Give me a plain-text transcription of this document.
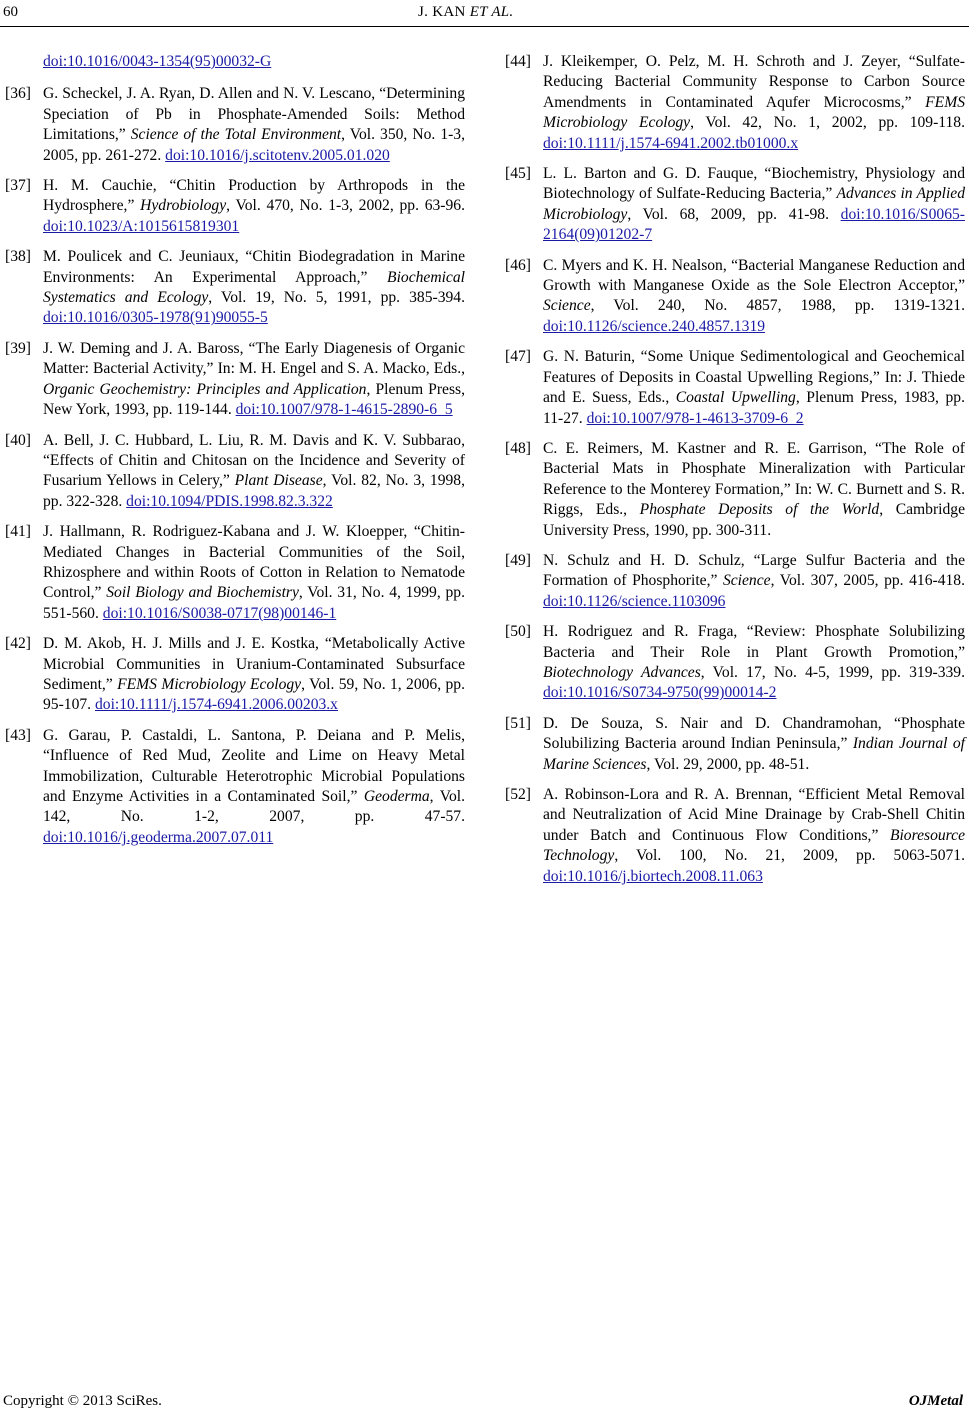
60	J. KAN ET AL.
doi:10.1016/0043-1354(95)00032-G
[36] G. Scheckel, J. A. Ryan, D. Allen and N. V. Lescano, “Determining Speciation of Pb in Phosphate-Amended Soils: Method Limitations,” Science of the Total Environment, Vol. 350, No. 1-3, 2005, pp. 261-272. doi:10.1016/j.scitotenv.2005.01.020
[37] H. M. Cauchie, “Chitin Production by Arthropods in the Hydrosphere,” Hydrobiology, Vol. 470, No. 1-3, 2002, pp. 63-96. doi:10.1023/A:1015615819301
[38] M. Poulicek and C. Jeuniaux, “Chitin Biodegradation in Marine Environments: An Experimental Approach,” Biochemical Systematics and Ecology, Vol. 19, No. 5, 1991, pp. 385-394. doi:10.1016/0305-1978(91)90055-5
[39] J. W. Deming and J. A. Baross, “The Early Diagenesis of Organic Matter: Bacterial Activity,” In: M. H. Engel and S. A. Macko, Eds., Organic Geochemistry: Principles and Application, Plenum Press, New York, 1993, pp. 119-144. doi:10.1007/978-1-4615-2890-6_5
[40] A. Bell, J. C. Hubbard, L. Liu, R. M. Davis and K. V. Subbarao, “Effects of Chitin and Chitosan on the Incidence and Severity of Fusarium Yellows in Celery,” Plant Disease, Vol. 82, No. 3, 1998, pp. 322-328. doi:10.1094/PDIS.1998.82.3.322
[41] J. Hallmann, R. Rodriguez-Kabana and J. W. Kloepper, “Chitin-Mediated Changes in Bacterial Communities of the Soil, Rhizosphere and within Roots of Cotton in Relation to Nematode Control,” Soil Biology and Biochemistry, Vol. 31, No. 4, 1999, pp. 551-560. doi:10.1016/S0038-0717(98)00146-1
[42] D. M. Akob, H. J. Mills and J. E. Kostka, “Metabolically Active Microbial Communities in Uranium-Contaminated Subsurface Sediment,” FEMS Microbiology Ecology, Vol. 59, No. 1, 2006, pp. 95-107. doi:10.1111/j.1574-6941.2006.00203.x
[43] G. Garau, P. Castaldi, L. Santona, P. Deiana and P. Melis, “Influence of Red Mud, Zeolite and Lime on Heavy Metal Immobilization, Culturable Heterotrophic Microbial Populations and Enzyme Activities in a Contaminated Soil,” Geoderma, Vol. 142, No. 1-2, 2007, pp. 47-57. doi:10.1016/j.geoderma.2007.07.011
[44] J. Kleikemper, O. Pelz, M. H. Schroth and J. Zeyer, “Sulfate-Reducing Bacterial Community Response to Carbon Source Amendments in Contaminated Aqufer Microcosms,” FEMS Microbiology Ecology, Vol. 42, No. 1, 2002, pp. 109-118. doi:10.1111/j.1574-6941.2002.tb01000.x
[45] L. L. Barton and G. D. Fauque, “Biochemistry, Physiology and Biotechnology of Sulfate-Reducing Bacteria,” Advances in Applied Microbiology, Vol. 68, 2009, pp. 41-98. doi:10.1016/S0065-2164(09)01202-7
[46] C. Myers and K. H. Nealson, “Bacterial Manganese Reduction and Growth with Manganese Oxide as the Sole Electron Acceptor,” Science, Vol. 240, No. 4857, 1988, pp. 1319-1321. doi:10.1126/science.240.4857.1319
[47] G. N. Baturin, “Some Unique Sedimentological and Geochemical Features of Deposits in Coastal Upwelling Regions,” In: J. Thiede and E. Suess, Eds., Coastal Upwelling, Plenum Press, 1983, pp. 11-27. doi:10.1007/978-1-4613-3709-6_2
[48] C. E. Reimers, M. Kastner and R. E. Garrison, “The Role of Bacterial Mats in Phosphate Mineralization with Particular Reference to the Monterey Formation,” In: W. C. Burnett and S. R. Riggs, Eds., Phosphate Deposits of the World, Cambridge University Press, 1990, pp. 300-311.
[49] N. Schulz and H. D. Schulz, “Large Sulfur Bacteria and the Formation of Phosphorite,” Science, Vol. 307, 2005, pp. 416-418. doi:10.1126/science.1103096
[50] H. Rodriguez and R. Fraga, “Review: Phosphate Solubilizing Bacteria and Their Role in Plant Growth Promotion,” Biotechnology Advances, Vol. 17, No. 4-5, 1999, pp. 319-339. doi:10.1016/S0734-9750(99)00014-2
[51] D. De Souza, S. Nair and D. Chandramohan, “Phosphate Solubilizing Bacteria around Indian Peninsula,” Indian Journal of Marine Sciences, Vol. 29, 2000, pp. 48-51.
[52] A. Robinson-Lora and R. A. Brennan, “Efficient Metal Removal and Neutralization of Acid Mine Drainage by Crab-Shell Chitin under Batch and Continuous Flow Conditions,” Bioresource Technology, Vol. 100, No. 21, 2009, pp. 5063-5071. doi:10.1016/j.biortech.2008.11.063
Copyright © 2013 SciRes.	OJMetal
